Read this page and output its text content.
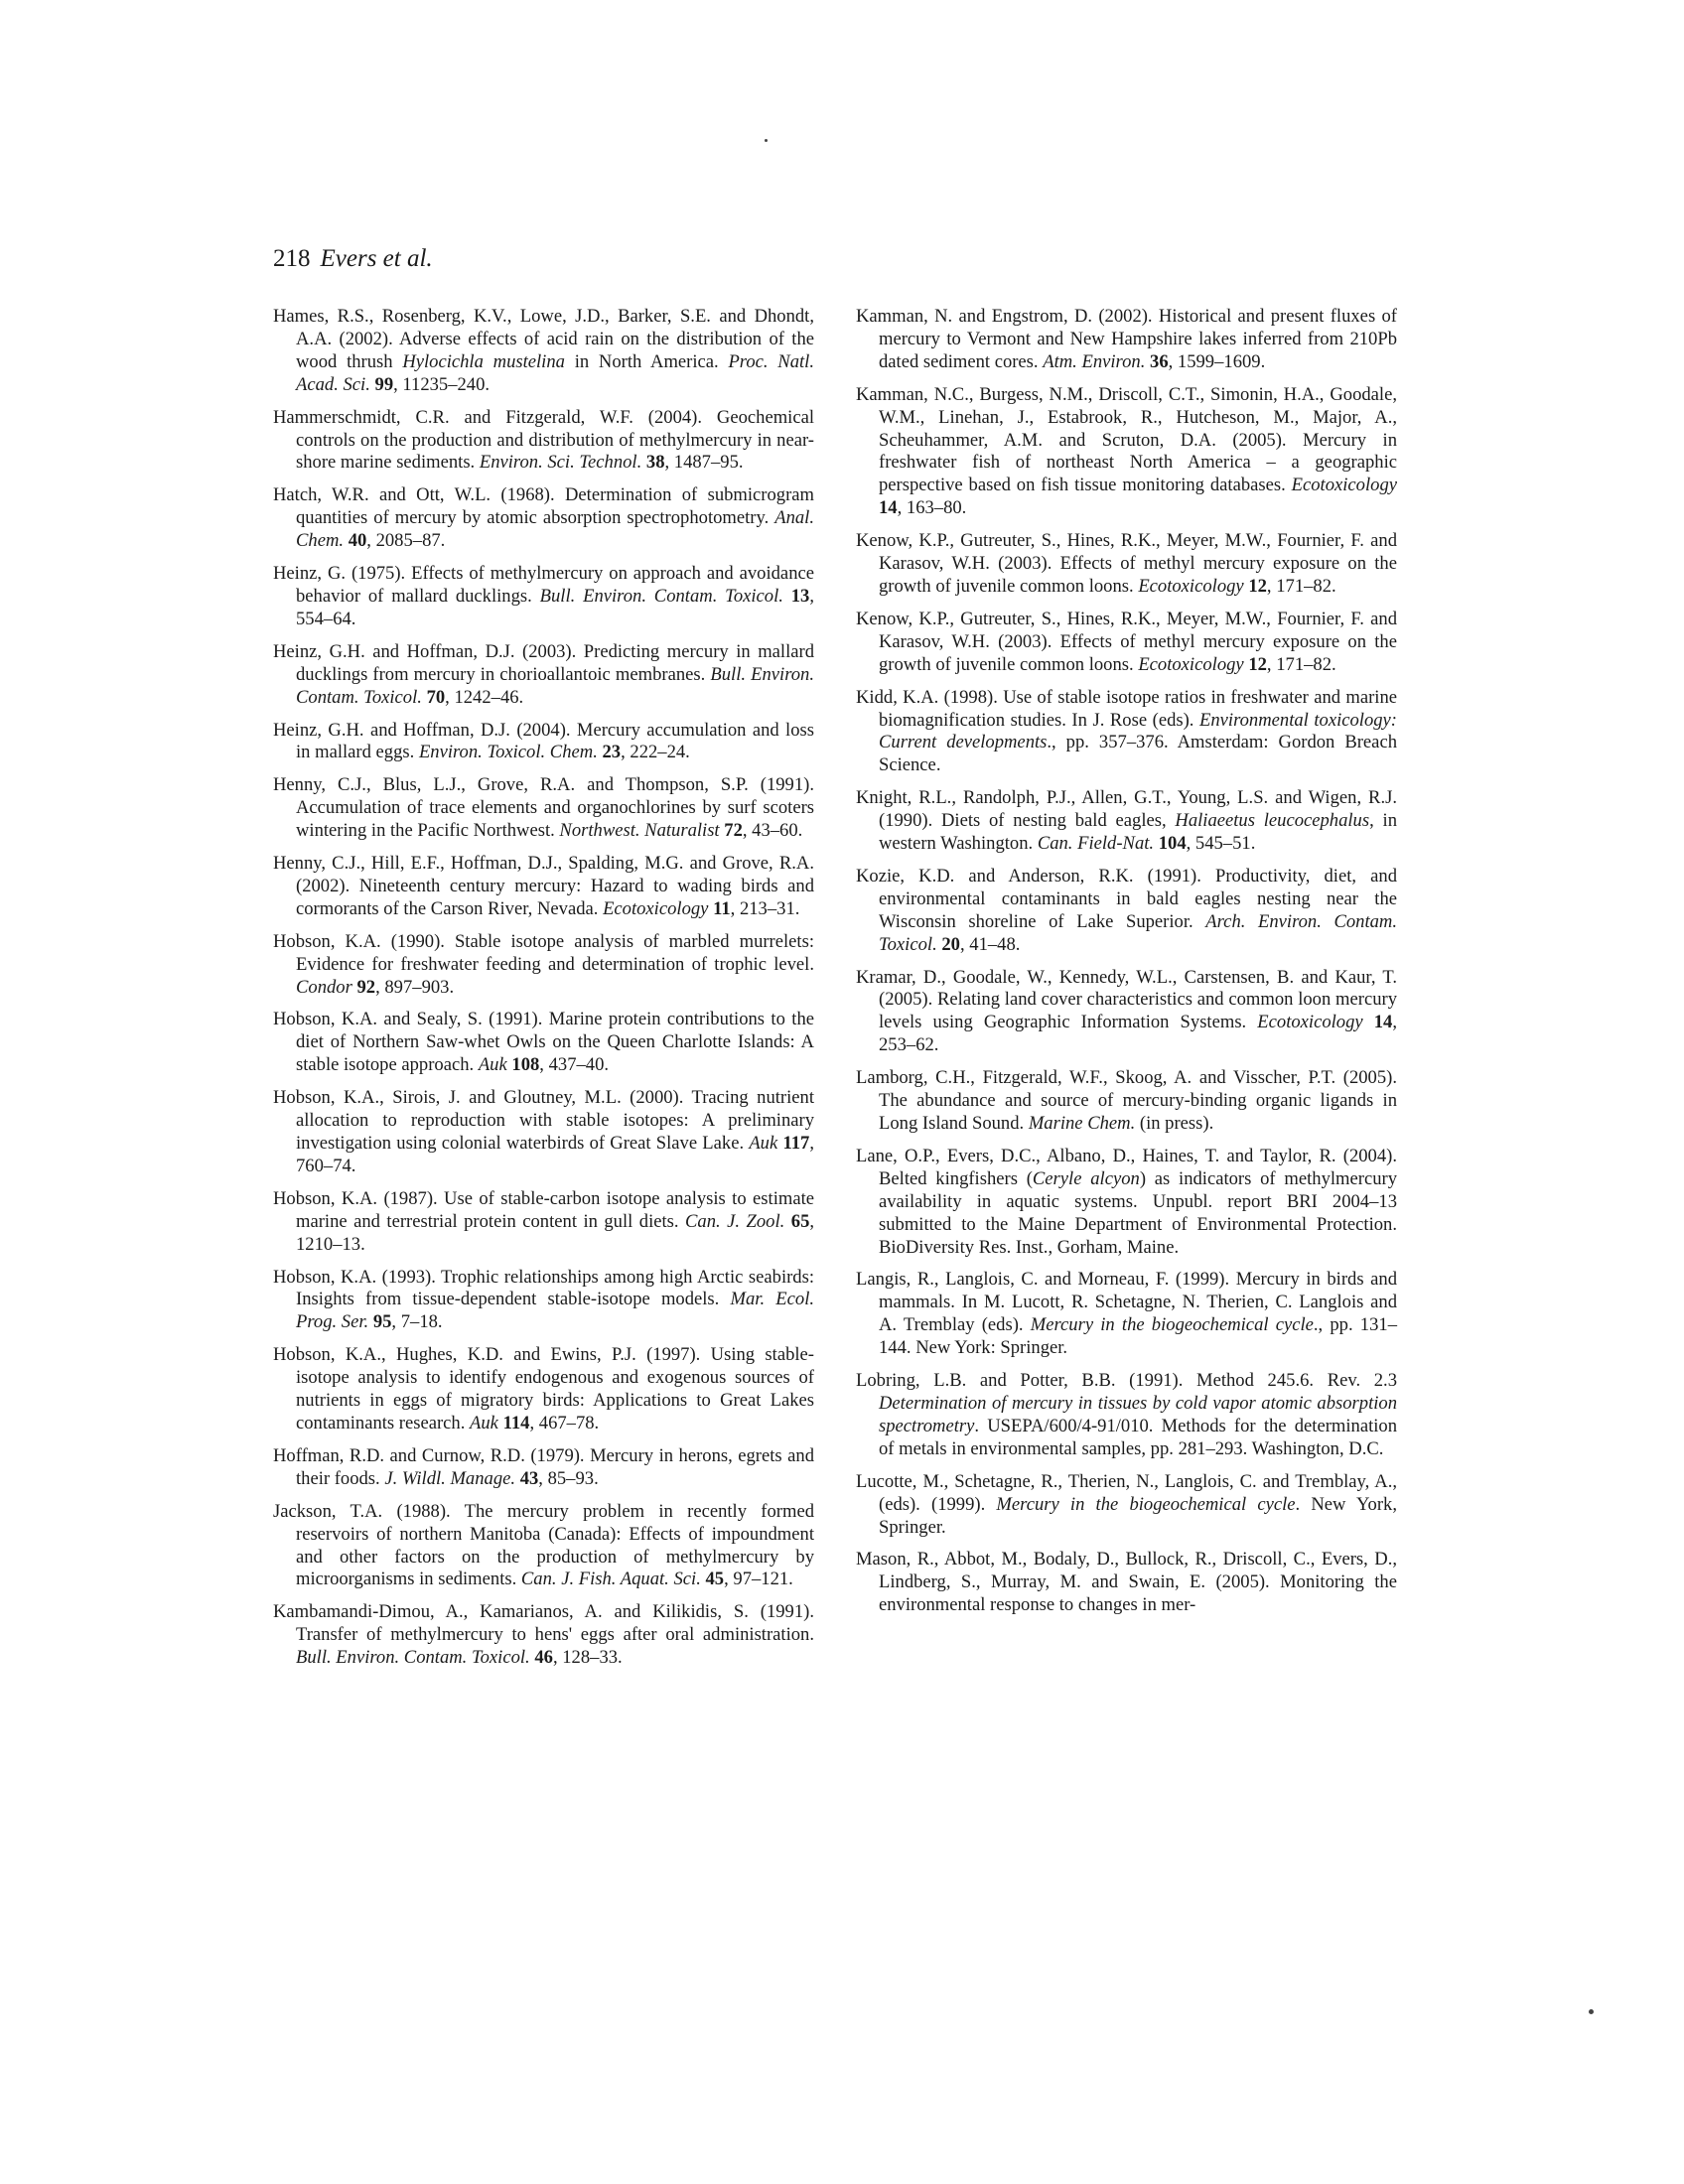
218 Evers et al.

Hames, R.S., Rosenberg, K.V., Lowe, J.D., Barker, S.E. and Dhondt, A.A. (2002). Adverse effects of acid rain on the distribution of the wood thrush Hylocichla mustelina in North America. Proc. Natl. Acad. Sci. 99, 11235–240.

Hammerschmidt, C.R. and Fitzgerald, W.F. (2004). Geochemical controls on the production and distribution of methylmercury in near-shore marine sediments. Environ. Sci. Technol. 38, 1487–95.

Hatch, W.R. and Ott, W.L. (1968). Determination of submicrogram quantities of mercury by atomic absorption spectrophotometry. Anal. Chem. 40, 2085–87.

Heinz, G. (1975). Effects of methylmercury on approach and avoidance behavior of mallard ducklings. Bull. Environ. Contam. Toxicol. 13, 554–64.

Heinz, G.H. and Hoffman, D.J. (2003). Predicting mercury in mallard ducklings from mercury in chorioallantoic membranes. Bull. Environ. Contam. Toxicol. 70, 1242–46.

Heinz, G.H. and Hoffman, D.J. (2004). Mercury accumulation and loss in mallard eggs. Environ. Toxicol. Chem. 23, 222–24.

Henny, C.J., Blus, L.J., Grove, R.A. and Thompson, S.P. (1991). Accumulation of trace elements and organochlorines by surf scoters wintering in the Pacific Northwest. Northwest. Naturalist 72, 43–60.

Henny, C.J., Hill, E.F., Hoffman, D.J., Spalding, M.G. and Grove, R.A. (2002). Nineteenth century mercury: Hazard to wading birds and cormorants of the Carson River, Nevada. Ecotoxicology 11, 213–31.

Hobson, K.A. (1990). Stable isotope analysis of marbled murrelets: Evidence for freshwater feeding and determination of trophic level. Condor 92, 897–903.

Hobson, K.A. and Sealy, S. (1991). Marine protein contributions to the diet of Northern Saw-whet Owls on the Queen Charlotte Islands: A stable isotope approach. Auk 108, 437–40.

Hobson, K.A., Sirois, J. and Gloutney, M.L. (2000). Tracing nutrient allocation to reproduction with stable isotopes: A preliminary investigation using colonial waterbirds of Great Slave Lake. Auk 117, 760–74.

Hobson, K.A. (1987). Use of stable-carbon isotope analysis to estimate marine and terrestrial protein content in gull diets. Can. J. Zool. 65, 1210–13.

Hobson, K.A. (1993). Trophic relationships among high Arctic seabirds: Insights from tissue-dependent stable-isotope models. Mar. Ecol. Prog. Ser. 95, 7–18.

Hobson, K.A., Hughes, K.D. and Ewins, P.J. (1997). Using stable-isotope analysis to identify endogenous and exogenous sources of nutrients in eggs of migratory birds: Applications to Great Lakes contaminants research. Auk 114, 467–78.

Hoffman, R.D. and Curnow, R.D. (1979). Mercury in herons, egrets and their foods. J. Wildl. Manage. 43, 85–93.

Jackson, T.A. (1988). The mercury problem in recently formed reservoirs of northern Manitoba (Canada): Effects of impoundment and other factors on the production of methylmercury by microorganisms in sediments. Can. J. Fish. Aquat. Sci. 45, 97–121.

Kambamandi-Dimou, A., Kamarianos, A. and Kilikidis, S. (1991). Transfer of methylmercury to hens' eggs after oral administration. Bull. Environ. Contam. Toxicol. 46, 128–33.

Kamman, N. and Engstrom, D. (2002). Historical and present fluxes of mercury to Vermont and New Hampshire lakes inferred from 210Pb dated sediment cores. Atm. Environ. 36, 1599–1609.

Kamman, N.C., Burgess, N.M., Driscoll, C.T., Simonin, H.A., Goodale, W.M., Linehan, J., Estabrook, R., Hutcheson, M., Major, A., Scheuhammer, A.M. and Scruton, D.A. (2005). Mercury in freshwater fish of northeast North America – a geographic perspective based on fish tissue monitoring databases. Ecotoxicology 14, 163–80.

Kenow, K.P., Gutreuter, S., Hines, R.K., Meyer, M.W., Fournier, F. and Karasov, W.H. (2003). Effects of methyl mercury exposure on the growth of juvenile common loons. Ecotoxicology 12, 171–82.

Kenow, K.P., Gutreuter, S., Hines, R.K., Meyer, M.W., Fournier, F. and Karasov, W.H. (2003). Effects of methyl mercury exposure on the growth of juvenile common loons. Ecotoxicology 12, 171–82.

Kidd, K.A. (1998). Use of stable isotope ratios in freshwater and marine biomagnification studies. In J. Rose (eds). Environmental toxicology: Current developments., pp. 357–376. Amsterdam: Gordon Breach Science.

Knight, R.L., Randolph, P.J., Allen, G.T., Young, L.S. and Wigen, R.J. (1990). Diets of nesting bald eagles, Haliaeetus leucocephalus, in western Washington. Can. Field-Nat. 104, 545–51.

Kozie, K.D. and Anderson, R.K. (1991). Productivity, diet, and environmental contaminants in bald eagles nesting near the Wisconsin shoreline of Lake Superior. Arch. Environ. Contam. Toxicol. 20, 41–48.

Kramar, D., Goodale, W., Kennedy, W.L., Carstensen, B. and Kaur, T. (2005). Relating land cover characteristics and common loon mercury levels using Geographic Information Systems. Ecotoxicology 14, 253–62.

Lamborg, C.H., Fitzgerald, W.F., Skoog, A. and Visscher, P.T. (2005). The abundance and source of mercury-binding organic ligands in Long Island Sound. Marine Chem. (in press).

Lane, O.P., Evers, D.C., Albano, D., Haines, T. and Taylor, R. (2004). Belted kingfishers (Ceryle alcyon) as indicators of methylmercury availability in aquatic systems. Unpubl. report BRI 2004–13 submitted to the Maine Department of Environmental Protection. BioDiversity Res. Inst., Gorham, Maine.

Langis, R., Langlois, C. and Morneau, F. (1999). Mercury in birds and mammals. In M. Lucott, R. Schetagne, N. Therien, C. Langlois and A. Tremblay (eds). Mercury in the biogeochemical cycle., pp. 131–144. New York: Springer.

Lobring, L.B. and Potter, B.B. (1991). Method 245.6. Rev. 2.3 Determination of mercury in tissues by cold vapor atomic absorption spectrometry. USEPA/600/4-91/010. Methods for the determination of metals in environmental samples, pp. 281–293. Washington, D.C.

Lucotte, M., Schetagne, R., Therien, N., Langlois, C. and Tremblay, A., (eds). (1999). Mercury in the biogeochemical cycle. New York, Springer.

Mason, R., Abbot, M., Bodaly, D., Bullock, R., Driscoll, C., Evers, D., Lindberg, S., Murray, M. and Swain, E. (2005). Monitoring the environmental response to changes in mer-
